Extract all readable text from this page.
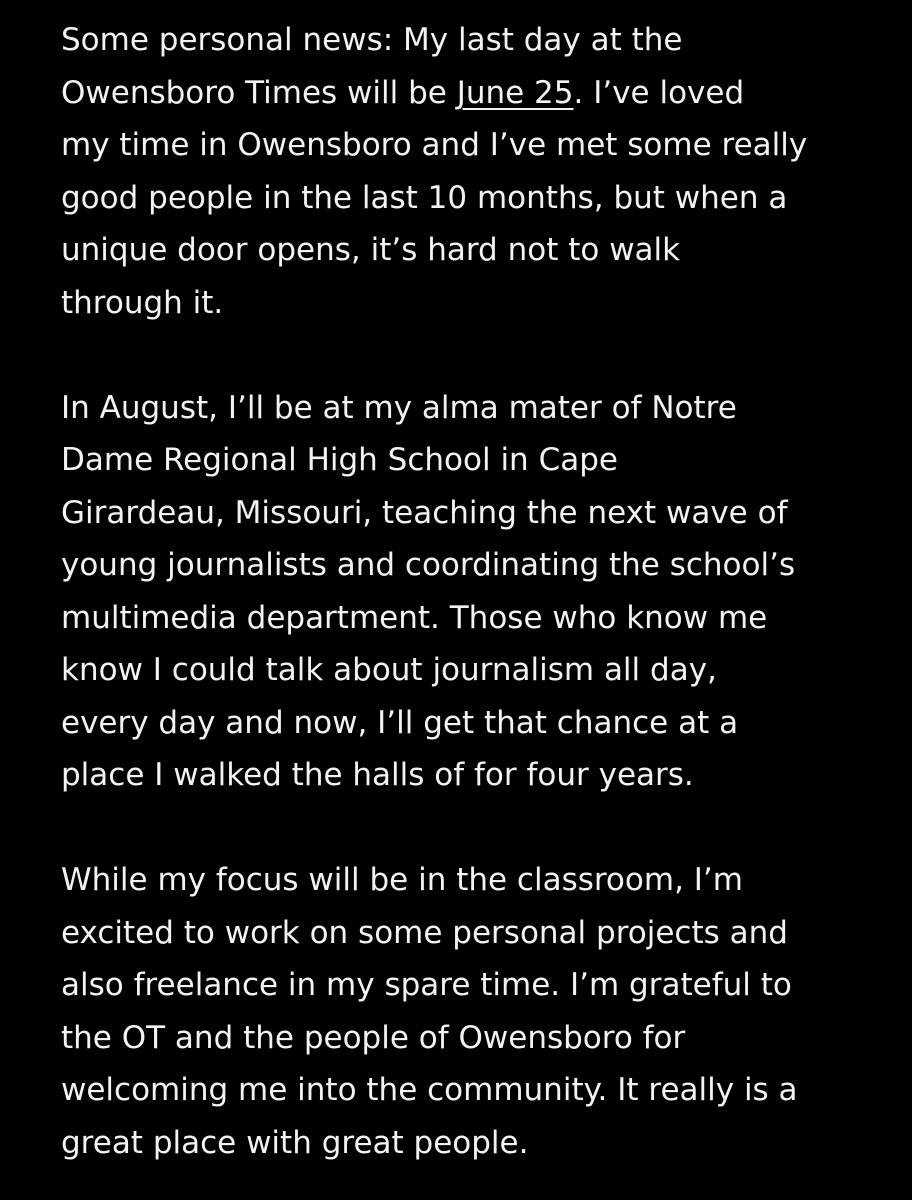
Some personal news: My last day at the
Owensboro Times will be June 25. I’ve loved
my time in Owensboro and I’ve met some really
good people in the last 10 months, but when a
unique door opens, it’s hard not to walk
through it.
In August, I’ll be at my alma mater of Notre
Dame Regional High School in Cape
Girardeau, Missouri, teaching the next wave of
young journalists and coordinating the school’s
multimedia department. Those who know me
know I could talk about journalism all day,
every day and now, I’ll get that chance at a
place I walked the halls of for four years.
While my focus will be in the classroom, I’m
excited to work on some personal projects and
also freelance in my spare time. I’m grateful to
the OT and the people of Owensboro for
welcoming me into the community. It really is a
great place with great people.
